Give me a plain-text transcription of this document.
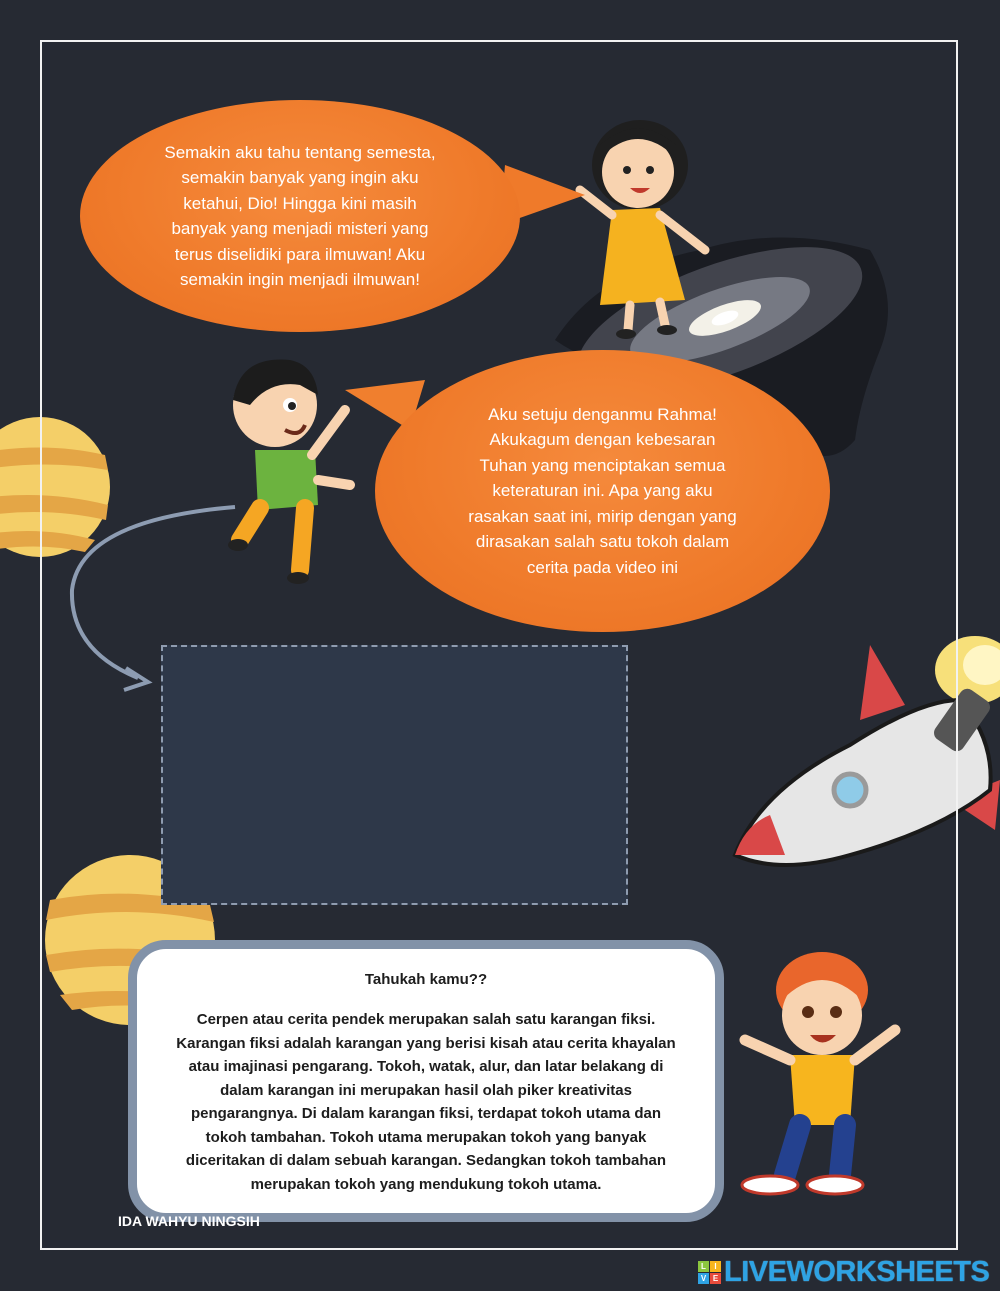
Semakin aku tahu tentang semesta,
semakin banyak yang ingin aku
ketahui, Dio! Hingga kini masih
banyak yang menjadi misteri yang
terus diselidiki para ilmuwan! Aku
semakin ingin menjadi ilmuwan!
Aku setuju denganmu Rahma!
Akukagum dengan kebesaran
Tuhan yang menciptakan semua
keteraturan ini. Apa yang aku
rasakan saat ini, mirip dengan yang
dirasakan salah satu tokoh dalam
cerita pada video ini
Tahukah kamu??
Cerpen atau cerita pendek merupakan salah satu karangan fiksi.
Karangan fiksi adalah karangan yang berisi kisah atau cerita khayalan
atau imajinasi pengarang. Tokoh, watak, alur, dan latar belakang di
dalam karangan ini merupakan hasil olah piker kreativitas
pengarangnya. Di dalam karangan fiksi, terdapat tokoh utama dan
tokoh tambahan. Tokoh utama merupakan tokoh yang banyak
diceritakan di dalam sebuah karangan. Sedangkan tokoh tambahan
merupakan tokoh yang mendukung tokoh utama.
IDA WAHYU NINGSIH
L	I
V E LIVEWORKSHEETS
